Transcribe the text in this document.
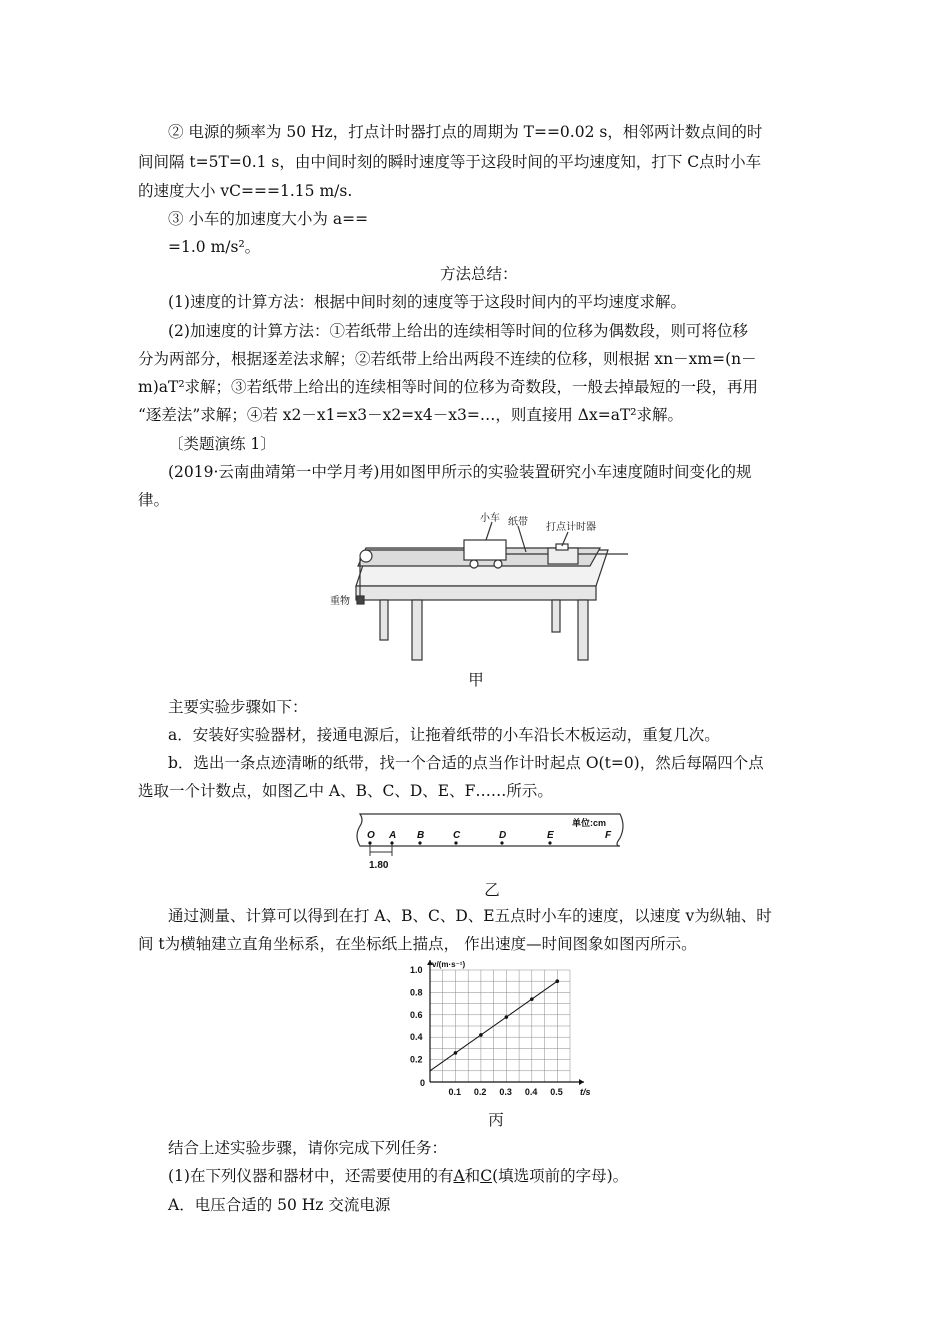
② 电源的频率为 50 Hz，打点计时器打点的周期为 T==0.02 s，相邻两计数点间的时
间间隔 t=5T=0.1 s，由中间时刻的瞬时速度等于这段时间的平均速度知，打下 C点时小车
的速度大小 vC===1.15 m/s.
③ 小车的加速度大小为 a==
=1.0 m/s²。
方法总结：
(1)速度的计算方法：根据中间时刻的速度等于这段时间内的平均速度求解。
(2)加速度的计算方法：①若纸带上给出的连续相等时间的位移为偶数段，则可将位移
分为两部分，根据逐差法求解；②若纸带上给出两段不连续的位移，则根据 xn－xm=(n－
m)aT²求解；③若纸带上给出的连续相等时间的位移为奇数段，一般去掉最短的一段，再用
“逐差法”求解；④若 x2－x1=x3－x2=x4－x3=…，则直接用 Δx=aT²求解。
〔类题演练 1〕
(2019·云南曲靖第一中学月考)用如图甲所示的实验装置研究小车速度随时间变化的规
律。
小车 纸带 打点计时器
重物
甲
主要实验步骤如下：
a．安装好实验器材，接通电源后，让拖着纸带的小车沿长木板运动，重复几次。
b．选出一条点迹清晰的纸带，找一个合适的点当作计时起点 O(t=0)，然后每隔四个点
选取一个计数点，如图乙中 A、B、C、D、E、F……所示。
单位:cm
O A B	C	D	E	F
1.80
乙
通过测量、计算可以得到在打 A、B、C、D、E五点时小车的速度，以速度 v为纵轴、时
间 t为横轴建立直角坐标系，在坐标纸上描点， 作出速度—时间图象如图丙所示。
0.1 0.2 0.3 0.4 0.5
0.2
0.4
0.6
0.8
1.0
0
t/s
v/(m·s⁻¹)
丙
结合上述实验步骤，请你完成下列任务：
(1)在下列仪器和器材中，还需要使用的有A和C(填选项前的字母)。
A．电压合适的 50 Hz 交流电源
